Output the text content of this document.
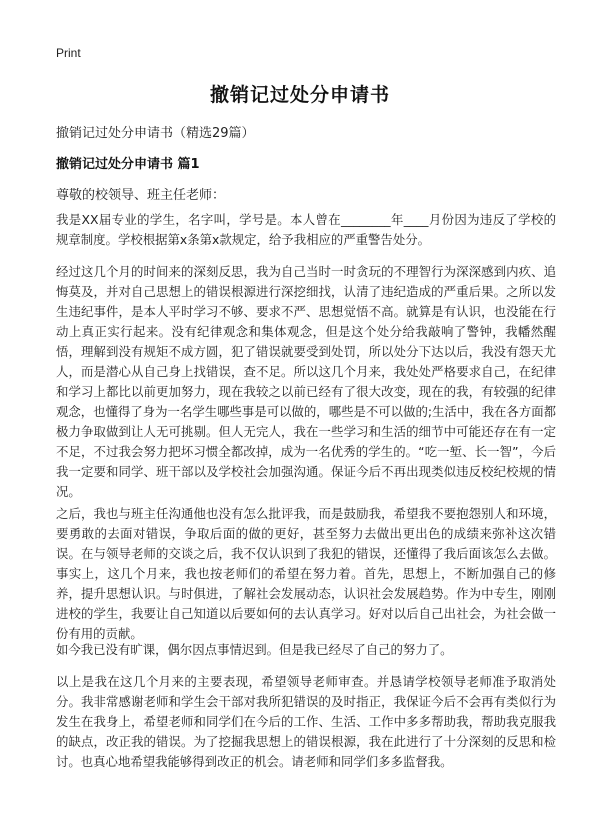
Print
撤销记过处分申请书
撤销记过处分申请书（精选29篇）
撤销记过处分申请书 篇1
尊敬的校领导、班主任老师：
我是XX届专业的学生，名字叫，学号是。本人曾在________年____月份因为违反了学校的规章制度。学校根据第x条第x款规定，给予我相应的严重警告处分。
经过这几个月的时间来的深刻反思，我为自己当时一时贪玩的不理智行为深深感到内疚、追悔莫及，并对自己思想上的错误根源进行深挖细找，认清了违纪造成的严重后果。之所以发生违纪事件，是本人平时学习不够、要求不严、思想觉悟不高。就算是有认识，也没能在行动上真正实行起来。没有纪律观念和集体观念，但是这个处分给我敲响了警钟，我幡然醒悟，理解到没有规矩不成方圆，犯了错误就要受到处罚，所以处分下达以后，我没有怨天尤人，而是潜心从自己身上找错误，查不足。所以这几个月来，我处处严格要求自己，在纪律和学习上都比以前更加努力，现在我较之以前已经有了很大改变，现在的我，有较强的纪律观念，也懂得了身为一名学生哪些事是可以做的，哪些是不可以做的;生活中，我在各方面都极力争取做到让人无可挑剔。但人无完人，我在一些学习和生活的细节中可能还存在有一定不足，不过我会努力把坏习惯全都改掉，成为一名优秀的学生的。“吃一堑、长一智”，今后我一定要和同学、班干部以及学校社会加强沟通。保证今后不再出现类似违反校纪校规的情况。
之后，我也与班主任沟通他也没有怎么批评我，而是鼓励我，希望我不要抱怨别人和环境，要勇敢的去面对错误，争取后面的做的更好，甚至努力去做出更出色的成绩来弥补这次错误。在与领导老师的交谈之后，我不仅认识到了我犯的错误，还懂得了我后面该怎么去做。事实上，这几个月来，我也按老师们的希望在努力着。首先，思想上，不断加强自己的修养，提升思想认识。与时俱进，了解社会发展动态，认识社会发展趋势。作为中专生，刚刚进校的学生，我要让自己知道以后要如何的去认真学习。好对以后自己出社会，为社会做一份有用的贡献。
如今我已没有旷课，偶尔因点事情迟到。但是我已经尽了自己的努力了。
以上是我在这几个月来的主要表现，希望领导老师审查。并恳请学校领导老师准予取消处分。我非常感谢老师和学生会干部对我所犯错误的及时指正，我保证今后不会再有类似行为发生在我身上，希望老师和同学们在今后的工作、生活、工作中多多帮助我，帮助我克服我的缺点，改正我的错误。为了挖掘我思想上的错误根源，我在此进行了十分深刻的反思和检讨。也真心地希望我能够得到改正的机会。请老师和同学们多多监督我。
